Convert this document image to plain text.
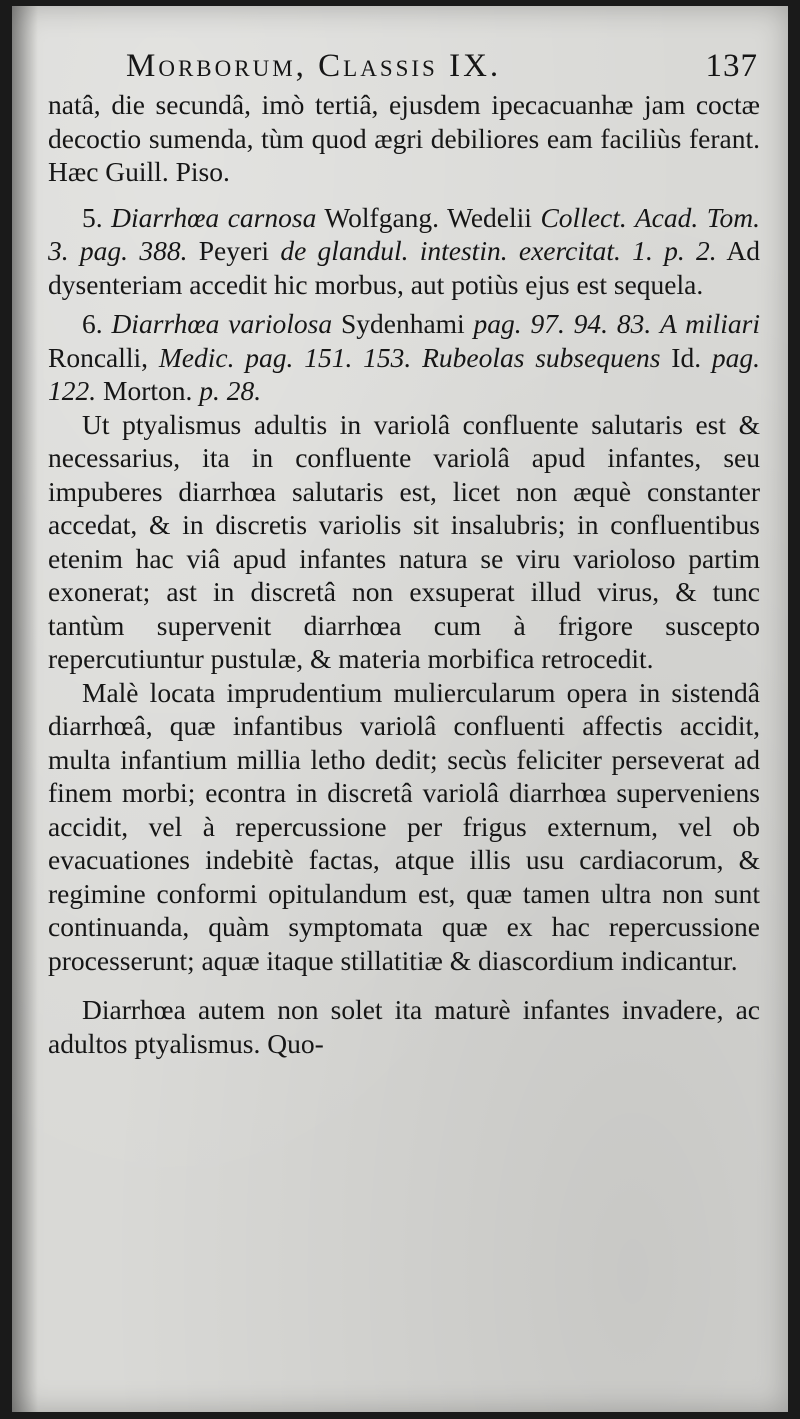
Morborum, Classis IX.	137

natâ, die secundâ, imò tertiâ, ejusdem ipecacuanhæ jam coctæ decoctio sumenda, tùm quod ægri debiliores eam faciliùs ferant. Hæc Guill. Piso.

5. Diarrhœa carnosa Wolfgang. Wedelii Collect. Acad. Tom. 3. pag. 388. Peyeri de glandul. intestin. exercitat. 1. p. 2. Ad dysenteriam accedit hic morbus, aut potiùs ejus est sequela.

6. Diarrhœa variolosa Sydenhami pag. 97. 94. 83. A miliari Roncalli, Medic. pag. 151. 153. Rubeolas subsequens Id. pag. 122. Morton. p. 28.

Ut ptyalismus adultis in variolâ confluente salutaris est & necessarius, ita in confluente variolâ apud infantes, seu impuberes diarrhœa salutaris est, licet non æquè constanter accedat, & in discretis variolis sit insalubris; in confluentibus etenim hac viâ apud infantes natura se viru varioloso partim exonerat; ast in discretâ non exsuperat illud virus, & tunc tantùm supervenit diarrhœa cum à frigore suscepto repercutiuntur pustulæ, & materia morbifica retrocedit.

Malè locata imprudentium muliercularum opera in sistendâ diarrhœâ, quæ infantibus variolâ confluenti affectis accidit, multa infantium millia letho dedit; secùs feliciter perseverat ad finem morbi; econtra in discretâ variolâ diarrhœa superveniens accidit, vel à repercussione per frigus externum, vel ob evacuationes indebitè factas, atque illis usu cardiacorum, & regimine conformi opitulandum est, quæ tamen ultra non sunt continuanda, quàm symptomata quæ ex hac repercussione processerunt; aquæ itaque stillatitiæ & diascordium indicantur.

Diarrhœa autem non solet ita maturè infantes invadere, ac adultos ptyalismus. Quo-
